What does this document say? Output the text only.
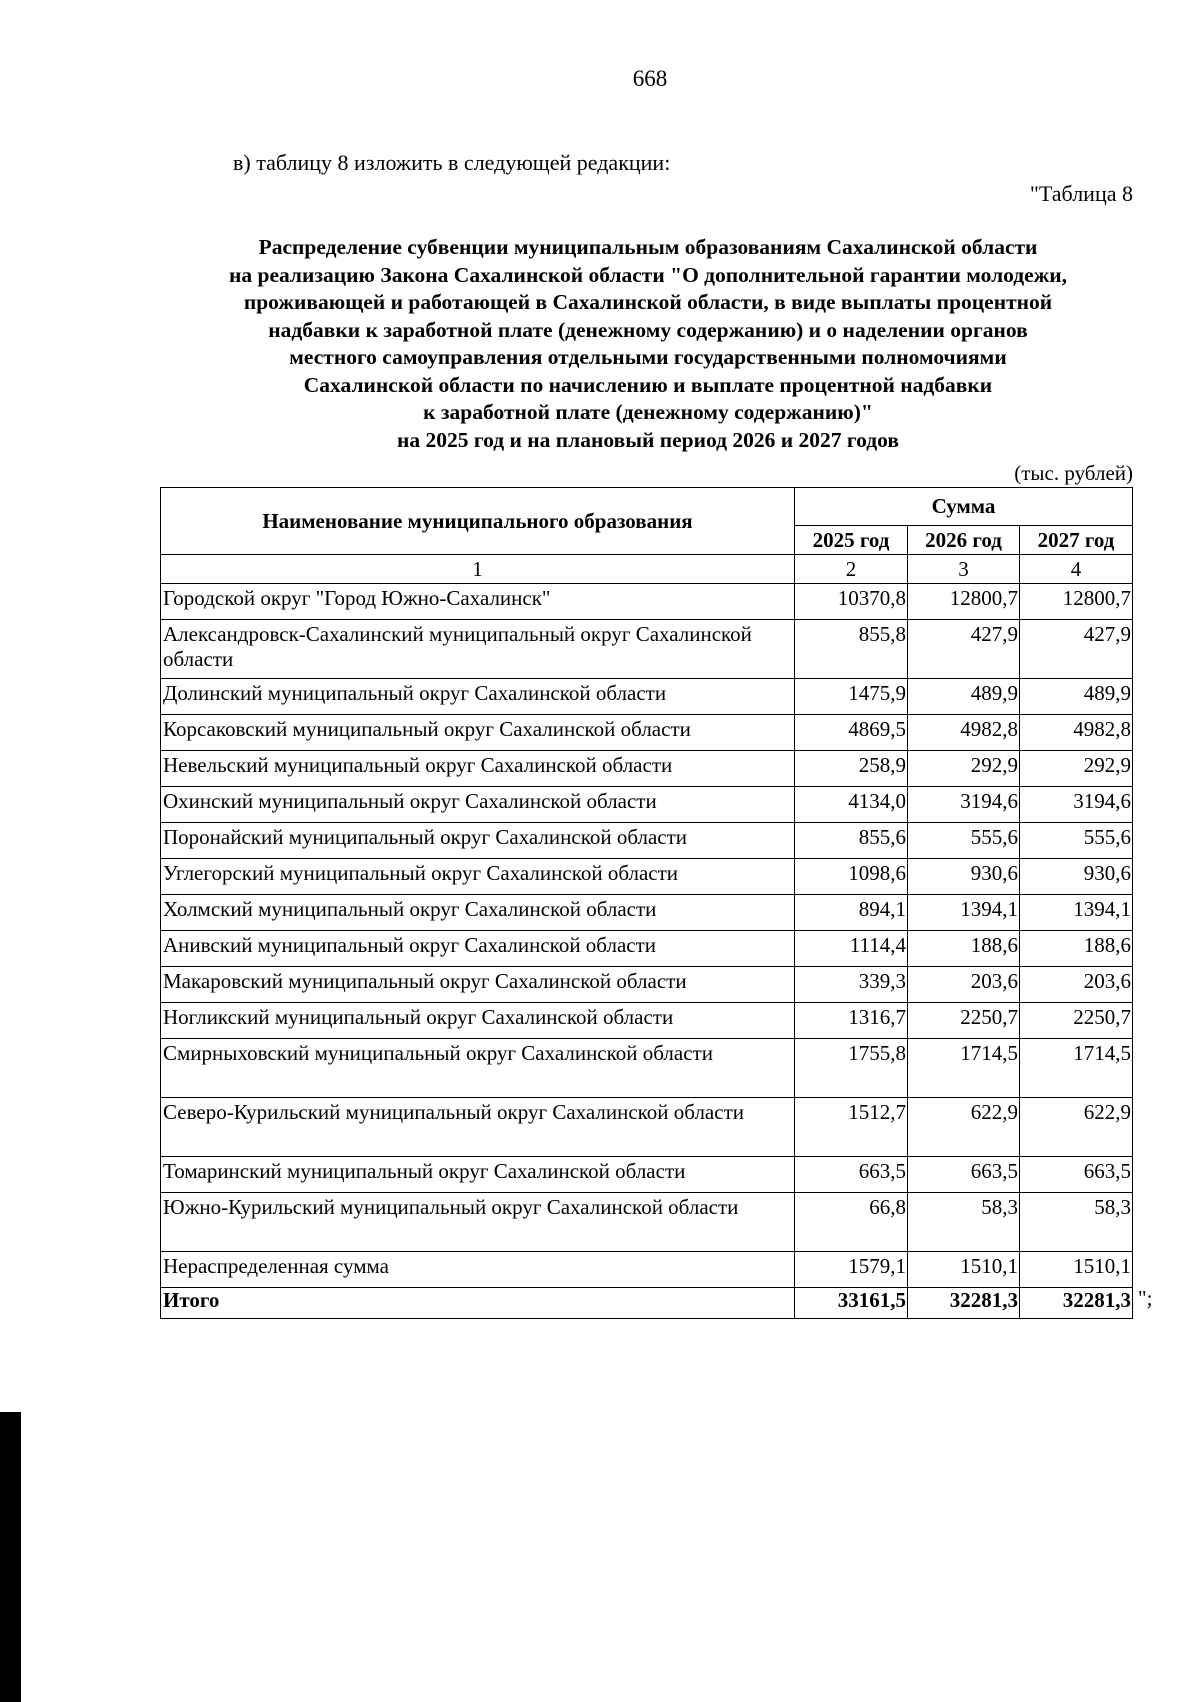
668
в) таблицу 8 изложить в следующей редакции:
"Таблица 8
Распределение субвенции муниципальным образованиям Сахалинской области
на реализацию Закона Сахалинской области "О дополнительной гарантии молодежи,
проживающей и работающей в Сахалинской области, в виде выплаты процентной
надбавки к заработной плате (денежному содержанию) и о наделении органов
местного самоуправления отдельными государственными полномочиями
Сахалинской области по начислению и выплате процентной надбавки
к заработной плате (денежному содержанию)"
на 2025 год и на плановый период 2026 и 2027 годов
(тыс. рублей)
Наименование муниципального образования	Сумма		
	2025 год	2026 год	2027 год
1	2	3	4
Городской округ "Город Южно-Сахалинск"	10370,8	12800,7	12800,7
Александровск-Сахалинский муниципальный округ Сахалинской области	855,8	427,9	427,9
Долинский муниципальный округ Сахалинской области	1475,9	489,9	489,9
Корсаковский муниципальный округ Сахалинской области	4869,5	4982,8	4982,8
Невельский муниципальный округ Сахалинской области	258,9	292,9	292,9
Охинский муниципальный округ Сахалинской области	4134,0	3194,6	3194,6
Поронайский муниципальный округ Сахалинской области	855,6	555,6	555,6
Углегорский муниципальный округ Сахалинской области	1098,6	930,6	930,6
Холмский муниципальный округ Сахалинской области	894,1	1394,1	1394,1
Анивский муниципальный округ Сахалинской области	1114,4	188,6	188,6
Макаровский муниципальный округ Сахалинской области	339,3	203,6	203,6
Ногликский муниципальный округ Сахалинской области	1316,7	2250,7	2250,7
Смирныховский муниципальный округ Сахалинской области	1755,8	1714,5	1714,5
Северо-Курильский муниципальный округ Сахалинской области	1512,7	622,9	622,9
Томаринский муниципальный округ Сахалинской области	663,5	663,5	663,5
Южно-Курильский муниципальный округ Сахалинской области	66,8	58,3	58,3
Нераспределенная сумма	1579,1	1510,1	1510,1
Итого	33161,5	32281,3	32281,3 ";
